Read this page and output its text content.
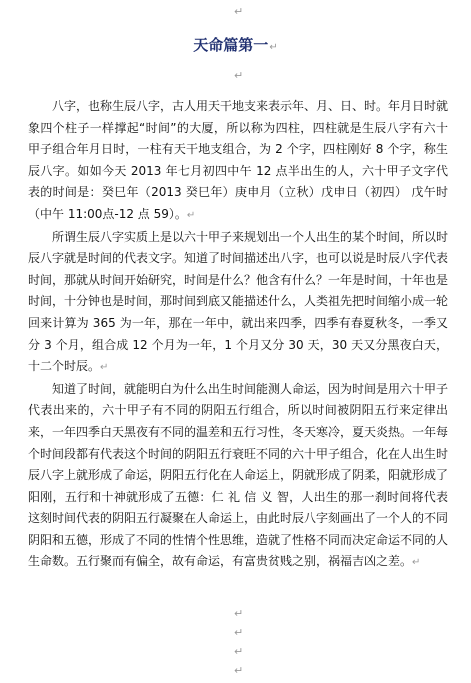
↵
天命篇第一↵
↵

八字，也称生辰八字，古人用天干地支来表示年、月、日、时。年月日时就象四个柱子一样撑起“时间”的大厦，所以称为四柱，四柱就是生辰八字有六十甲子组合年月日时，一柱有天干地支组合，为 2 个字，四柱刚好 8 个字，称生辰八字。如如今天 2013 年七月初四中午 12 点半出生的人，六十甲子文字代表的时间是：癸巳年（2013 癸巳年）庚申月（立秋）戊申日（初四） 戊午时（中午 11:00点-12 点 59）。↵

所谓生辰八字实质上是以六十甲子来规划出一个人出生的某个时间，所以时辰八字就是时间的代表文字。知道了时间描述出八字，也可以说是时辰八字代表时间，那就从时间开始研究，时间是什么？他含有什么？一年是时间，十年也是时间，十分钟也是时间，那时间到底又能描述什么，人类祖先把时间缩小成一轮回来计算为 365 为一年，那在一年中，就出来四季，四季有春夏秋冬，一季又分 3 个月，组合成 12 个月为一年，1 个月又分 30 天，30 天又分黑夜白天，十二个时辰。↵

知道了时间，就能明白为什么出生时间能测人命运，因为时间是用六十甲子代表出来的，六十甲子有不同的阴阳五行组合，所以时间被阴阳五行来定律出来，一年四季白天黑夜有不同的温差和五行习性，冬天寒冷，夏天炎热。一年每个时间段都有代表这个时间的阴阳五行衰旺不同的六十甲子组合，化在人出生时辰八字上就形成了命运，阴阳五行化在人命运上，阴就形成了阴柔，阳就形成了阳刚，五行和十神就形成了五德：仁 礼 信 义 智，人出生的那一刹时间将代表这刻时间代表的阴阳五行凝聚在人命运上，由此时辰八字刻画出了一个人的不同阴阳和五德，形成了不同的性情个性思维，造就了性格不同而决定命运不同的人生命数。五行聚而有偏全，故有命运，有富贵贫贱之别，祸福吉凶之差。↵

↵
↵
↵
↵
